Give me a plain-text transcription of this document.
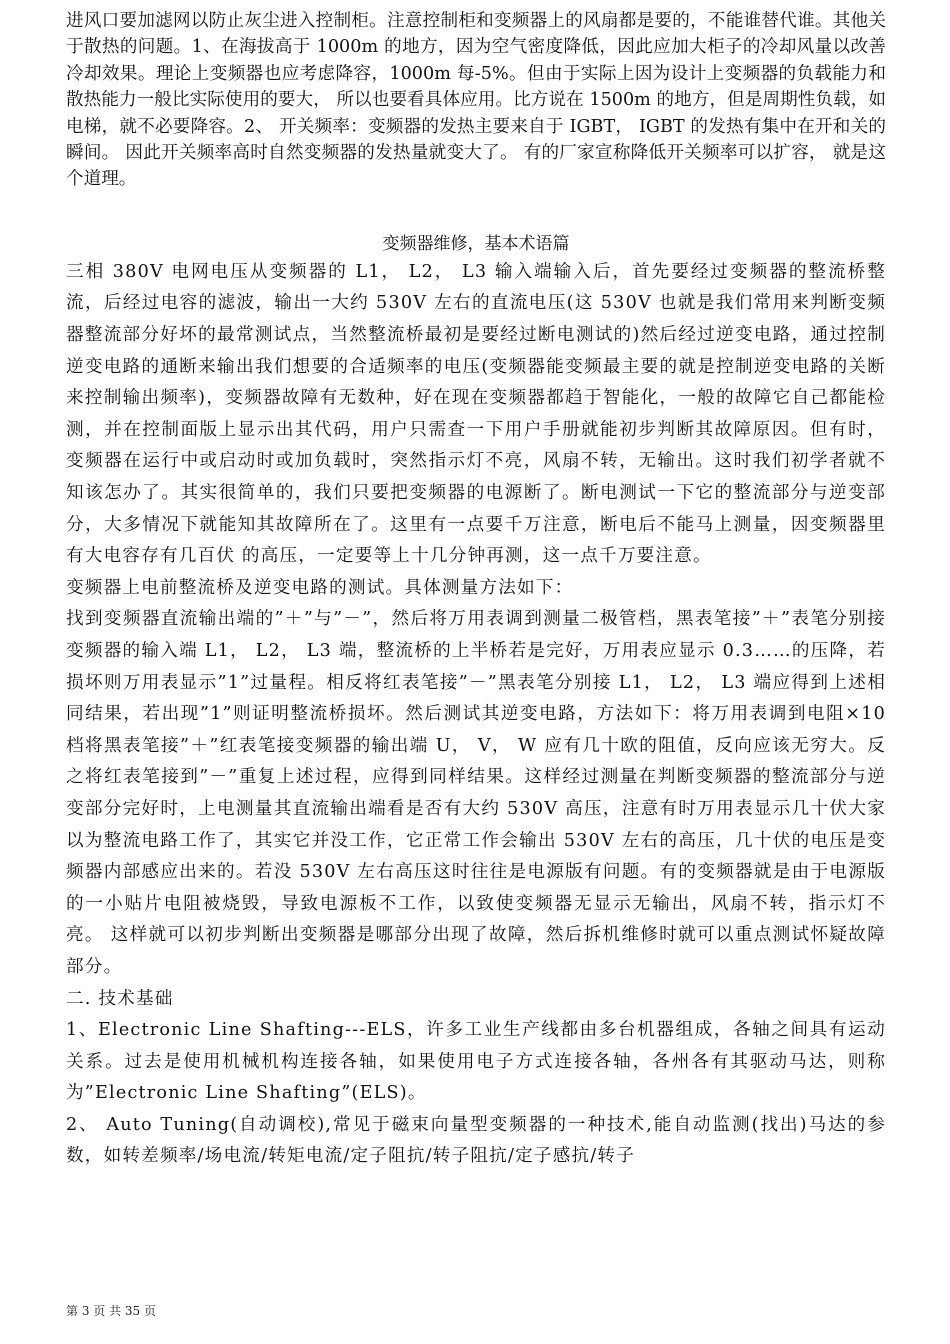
进风口要加滤网以防止灰尘进入控制柜。注意控制柜和变频器上的风扇都是要的，不能谁替代谁。其他关于散热的问题。1、在海拔高于 1000m 的地方，因为空气密度降低，因此应加大柜子的冷却风量以改善冷却效果。理论上变频器也应考虑降容，1000m 每-5%。但由于实际上因为设计上变频器的负载能力和散热能力一般比实际使用的要大， 所以也要看具体应用。比方说在 1500m 的地方，但是周期性负载，如电梯，就不必要降容。2、 开关频率：变频器的发热主要来自于 IGBT， IGBT 的发热有集中在开和关的瞬间。 因此开关频率高时自然变频器的发热量就变大了。 有的厂家宣称降低开关频率可以扩容， 就是这个道理。

变频器维修，基本术语篇

三相 380V 电网电压从变频器的 L1， L2， L3 输入端输入后，首先要经过变频器的整流桥整流，后经过电容的滤波，输出一大约 530V 左右的直流电压(这 530V 也就是我们常用来判断变频器整流部分好坏的最常测试点，当然整流桥最初是要经过断电测试的)然后经过逆变电路，通过控制逆变电路的通断来输出我们想要的合适频率的电压(变频器能变频最主要的就是控制逆变电路的关断来控制输出频率)，变频器故障有无数种，好在现在变频器都趋于智能化，一般的故障它自己都能检测，并在控制面版上显示出其代码，用户只需查一下用户手册就能初步判断其故障原因。但有时，变频器在运行中或启动时或加负载时，突然指示灯不亮，风扇不转，无输出。这时我们初学者就不知该怎办了。其实很简单的，我们只要把变频器的电源断了。断电测试一下它的整流部分与逆变部分，大多情况下就能知其故障所在了。这里有一点要千万注意，断电后不能马上测量，因变频器里有大电容存有几百伏 的高压，一定要等上十几分钟再测，这一点千万要注意。

变频器上电前整流桥及逆变电路的测试。具体测量方法如下：

找到变频器直流输出端的”＋”与”－”，然后将万用表调到测量二极管档，黑表笔接”＋”表笔分别接变频器的输入端 L1， L2， L3 端，整流桥的上半桥若是完好，万用表应显示 0.3……的压降，若损坏则万用表显示”1”过量程。相反将红表笔接”－”黑表笔分别接 L1， L2， L3 端应得到上述相同结果，若出现”1”则证明整流桥损坏。然后测试其逆变电路，方法如下：将万用表调到电阻×10 档将黑表笔接”＋”红表笔接变频器的输出端 U， V， W 应有几十欧的阻值，反向应该无穷大。反之将红表笔接到”－”重复上述过程，应得到同样结果。这样经过测量在判断变频器的整流部分与逆变部分完好时，上电测量其直流输出端看是否有大约 530V 高压，注意有时万用表显示几十伏大家以为整流电路工作了，其实它并没工作，它正常工作会输出 530V 左右的高压，几十伏的电压是变频器内部感应出来的。若没 530V 左右高压这时往往是电源版有问题。有的变频器就是由于电源版的一小贴片电阻被烧毁，导致电源板不工作，以致使变频器无显示无输出，风扇不转，指示灯不亮。 这样就可以初步判断出变频器是哪部分出现了故障，然后拆机维修时就可以重点测试怀疑故障部分。

二. 技术基础

1、Electronic Line Shafting---ELS，许多工业生产线都由多台机器组成，各轴之间具有运动关系。过去是使用机械机构连接各轴，如果使用电子方式连接各轴，各州各有其驱动马达，则称为”Electronic Line Shafting”(ELS)。

2、 Auto Tuning(自动调校),常见于磁束向量型变频器的一种技术,能自动监测(找出)马达的参数，如转差频率/场电流/转矩电流/定子阻抗/转子阻抗/定子感抗/转子

第 3 页 共 35 页
